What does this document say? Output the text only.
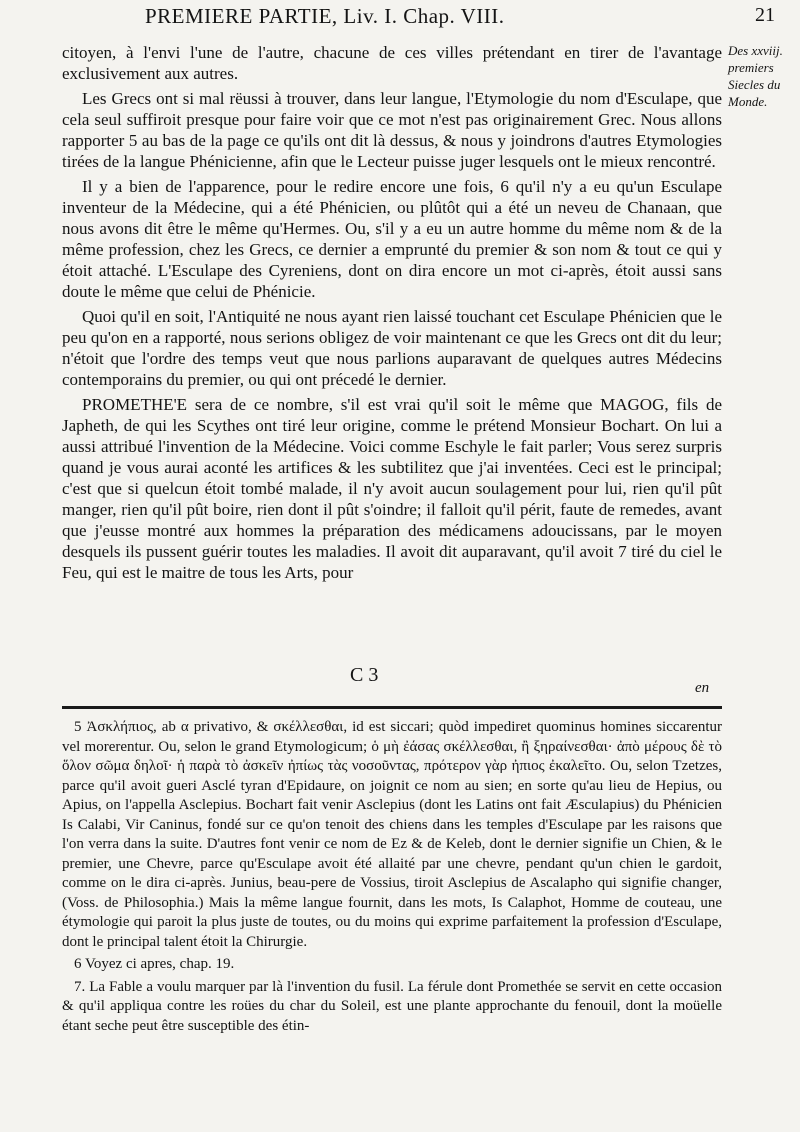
PREMIERE PARTIE, Liv. I. Chap. VIII.	21
Des xxviij. premiers Siecles du Monde.

citoyen, à l'envi l'une de l'autre, chacune de ces villes prétendant en tirer de l'avantage exclusivement aux autres.

Les Grecs ont si mal rëussi à trouver, dans leur langue, l'Etymologie du nom d'Esculape, que cela seul suffiroit presque pour faire voir que ce mot n'est pas originairement Grec. Nous allons rapporter 5 au bas de la page ce qu'ils ont dit là dessus, & nous y joindrons d'autres Etymologies tirées de la langue Phénicienne, afin que le Lecteur puisse juger lesquels ont le mieux rencontré.

Il y a bien de l'apparence, pour le redire encore une fois, 6 qu'il n'y a eu qu'un Esculape inventeur de la Médecine, qui a été Phénicien, ou plûtôt qui a été un neveu de Chanaan, que nous avons dit être le même qu'Hermes. Ou, s'il y a eu un autre homme du même nom & de la même profession, chez les Grecs, ce dernier a emprunté du premier & son nom & tout ce qui y étoit attaché. L'Esculape des Cyreniens, dont on dira encore un mot ci-après, étoit aussi sans doute le même que celui de Phénicie.

Quoi qu'il en soit, l'Antiquité ne nous ayant rien laissé touchant cet Esculape Phénicien que le peu qu'on en a rapporté, nous serions obligez de voir maintenant ce que les Grecs ont dit du leur; n'étoit que l'ordre des temps veut que nous parlions auparavant de quelques autres Médecins contemporains du premier, ou qui ont précedé le dernier.

PROMETHE'E sera de ce nombre, s'il est vrai qu'il soit le même que MAGOG, fils de Japheth, de qui les Scythes ont tiré leur origine, comme le prétend Monsieur Bochart. On lui a aussi attribué l'invention de la Médecine. Voici comme Eschyle le fait parler; Vous serez surpris quand je vous aurai aconté les artifices & les subtilitez que j'ai inventées. Ceci est le principal; c'est que si quelcun étoit tombé malade, il n'y avoit aucun soulagement pour lui, rien qu'il pût manger, rien qu'il pût boire, rien dont il pût s'oindre; il falloit qu'il périt, faute de remedes, avant que j'eusse montré aux hommes la préparation des médicamens adoucissans, par le moyen desquels ils pussent guérir toutes les maladies. Il avoit dit auparavant, qu'il avoit 7 tiré du ciel le Feu, qui est le maitre de tous les Arts, pour

C 3
en

5 Ἀσκλήπιος, ab α privativo, & σκέλλεσθαι, id est siccari; quòd impediret quominus homines siccarentur vel morerentur. Ou, selon le grand Etymologicum; ὁ μὴ ἐάσας σκέλλεσθαι, ἢ ξηραίνεσθαι· ἀπὸ μέρους δὲ τὸ ὅλον σῶμα δηλοῖ· ἡ παρὰ τὸ ἀσκεῖν ἠπίως τὰς νοσοῦντας, πρότερον γὰρ ἠπιος ἐκαλεῖτο. Ou, selon Tzetzes, parce qu'il avoit gueri Asclé tyran d'Epidaure, on joignit ce nom au sien; en sorte qu'au lieu de Hepius, ou Apius, on l'appella Asclepius. Bochart fait venir Asclepius (dont les Latins ont fait Æsculapius) du Phénicien Is Calabi, Vir Caninus, fondé sur ce qu'on tenoit des chiens dans les temples d'Esculape par les raisons que l'on verra dans la suite. D'autres font venir ce nom de Ez & de Keleb, dont le dernier signifie un Chien, & le premier, une Chevre, parce qu'Esculape avoit été allaité par une chevre, pendant qu'un chien le gardoit, comme on le dira ci-après. Junius, beau-pere de Vossius, tiroit Asclepius de Ascalapho qui signifie changer, (Voss. de Philosophia.) Mais la même langue fournit, dans les mots, Is Calaphot, Homme de couteau, une étymologie qui paroit la plus juste de toutes, ou du moins qui exprime parfaitement la profession d'Esculape, dont le principal talent étoit la Chirurgie.

6 Voyez ci apres, chap. 19.

7. La Fable a voulu marquer par là l'invention du fusil. La férule dont Promethée se servit en cette occasion & qu'il appliqua contre les roües du char du Soleil, est une plante approchante du fenouil, dont la moüelle étant seche peut être susceptible des étin-
